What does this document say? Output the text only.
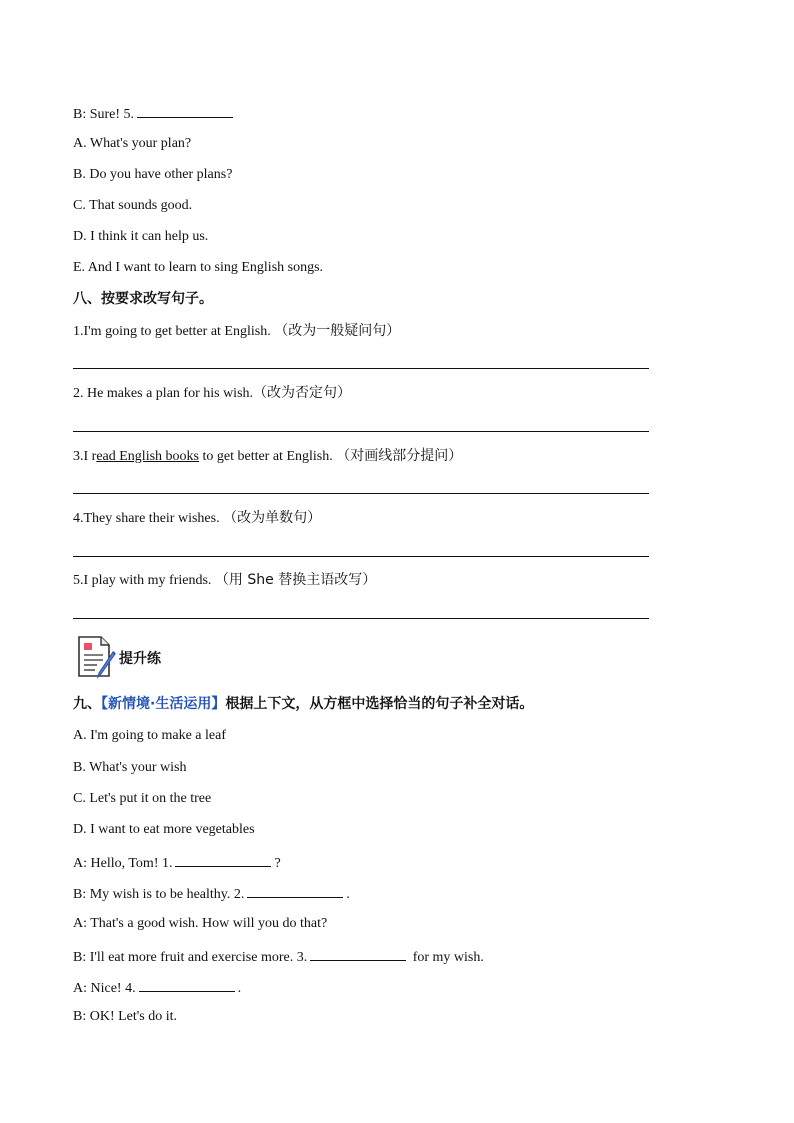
B: Sure! 5.
A. What's your plan?
B. Do you have other plans?
C. That sounds good.
D. I think it can help us.
E. And I want to learn to sing English songs.
八、按要求改写句子。
1.I'm going to get better at English. （改为一般疑问句）
2. He makes a plan for his wish.（改为否定句）
3.I read English books to get better at English. （对画线部分提问）
4.They share their wishes. （改为单数句）
5.I play with my friends. （用 She 替换主语改写）
提升练
九、【新情境·生活运用】根据上下文，从方框中选择恰当的句子补全对话。
A. I'm going to make a leaf
B. What's your wish
C. Let's put it on the tree
D. I want to eat more vegetables
A: Hello, Tom! 1.	?
B: My wish is to be healthy. 2.	.
A: That's a good wish. How will you do that?
B: I'll eat more fruit and exercise more. 3.	for my wish.
A: Nice! 4.	.
B: OK! Let's do it.
